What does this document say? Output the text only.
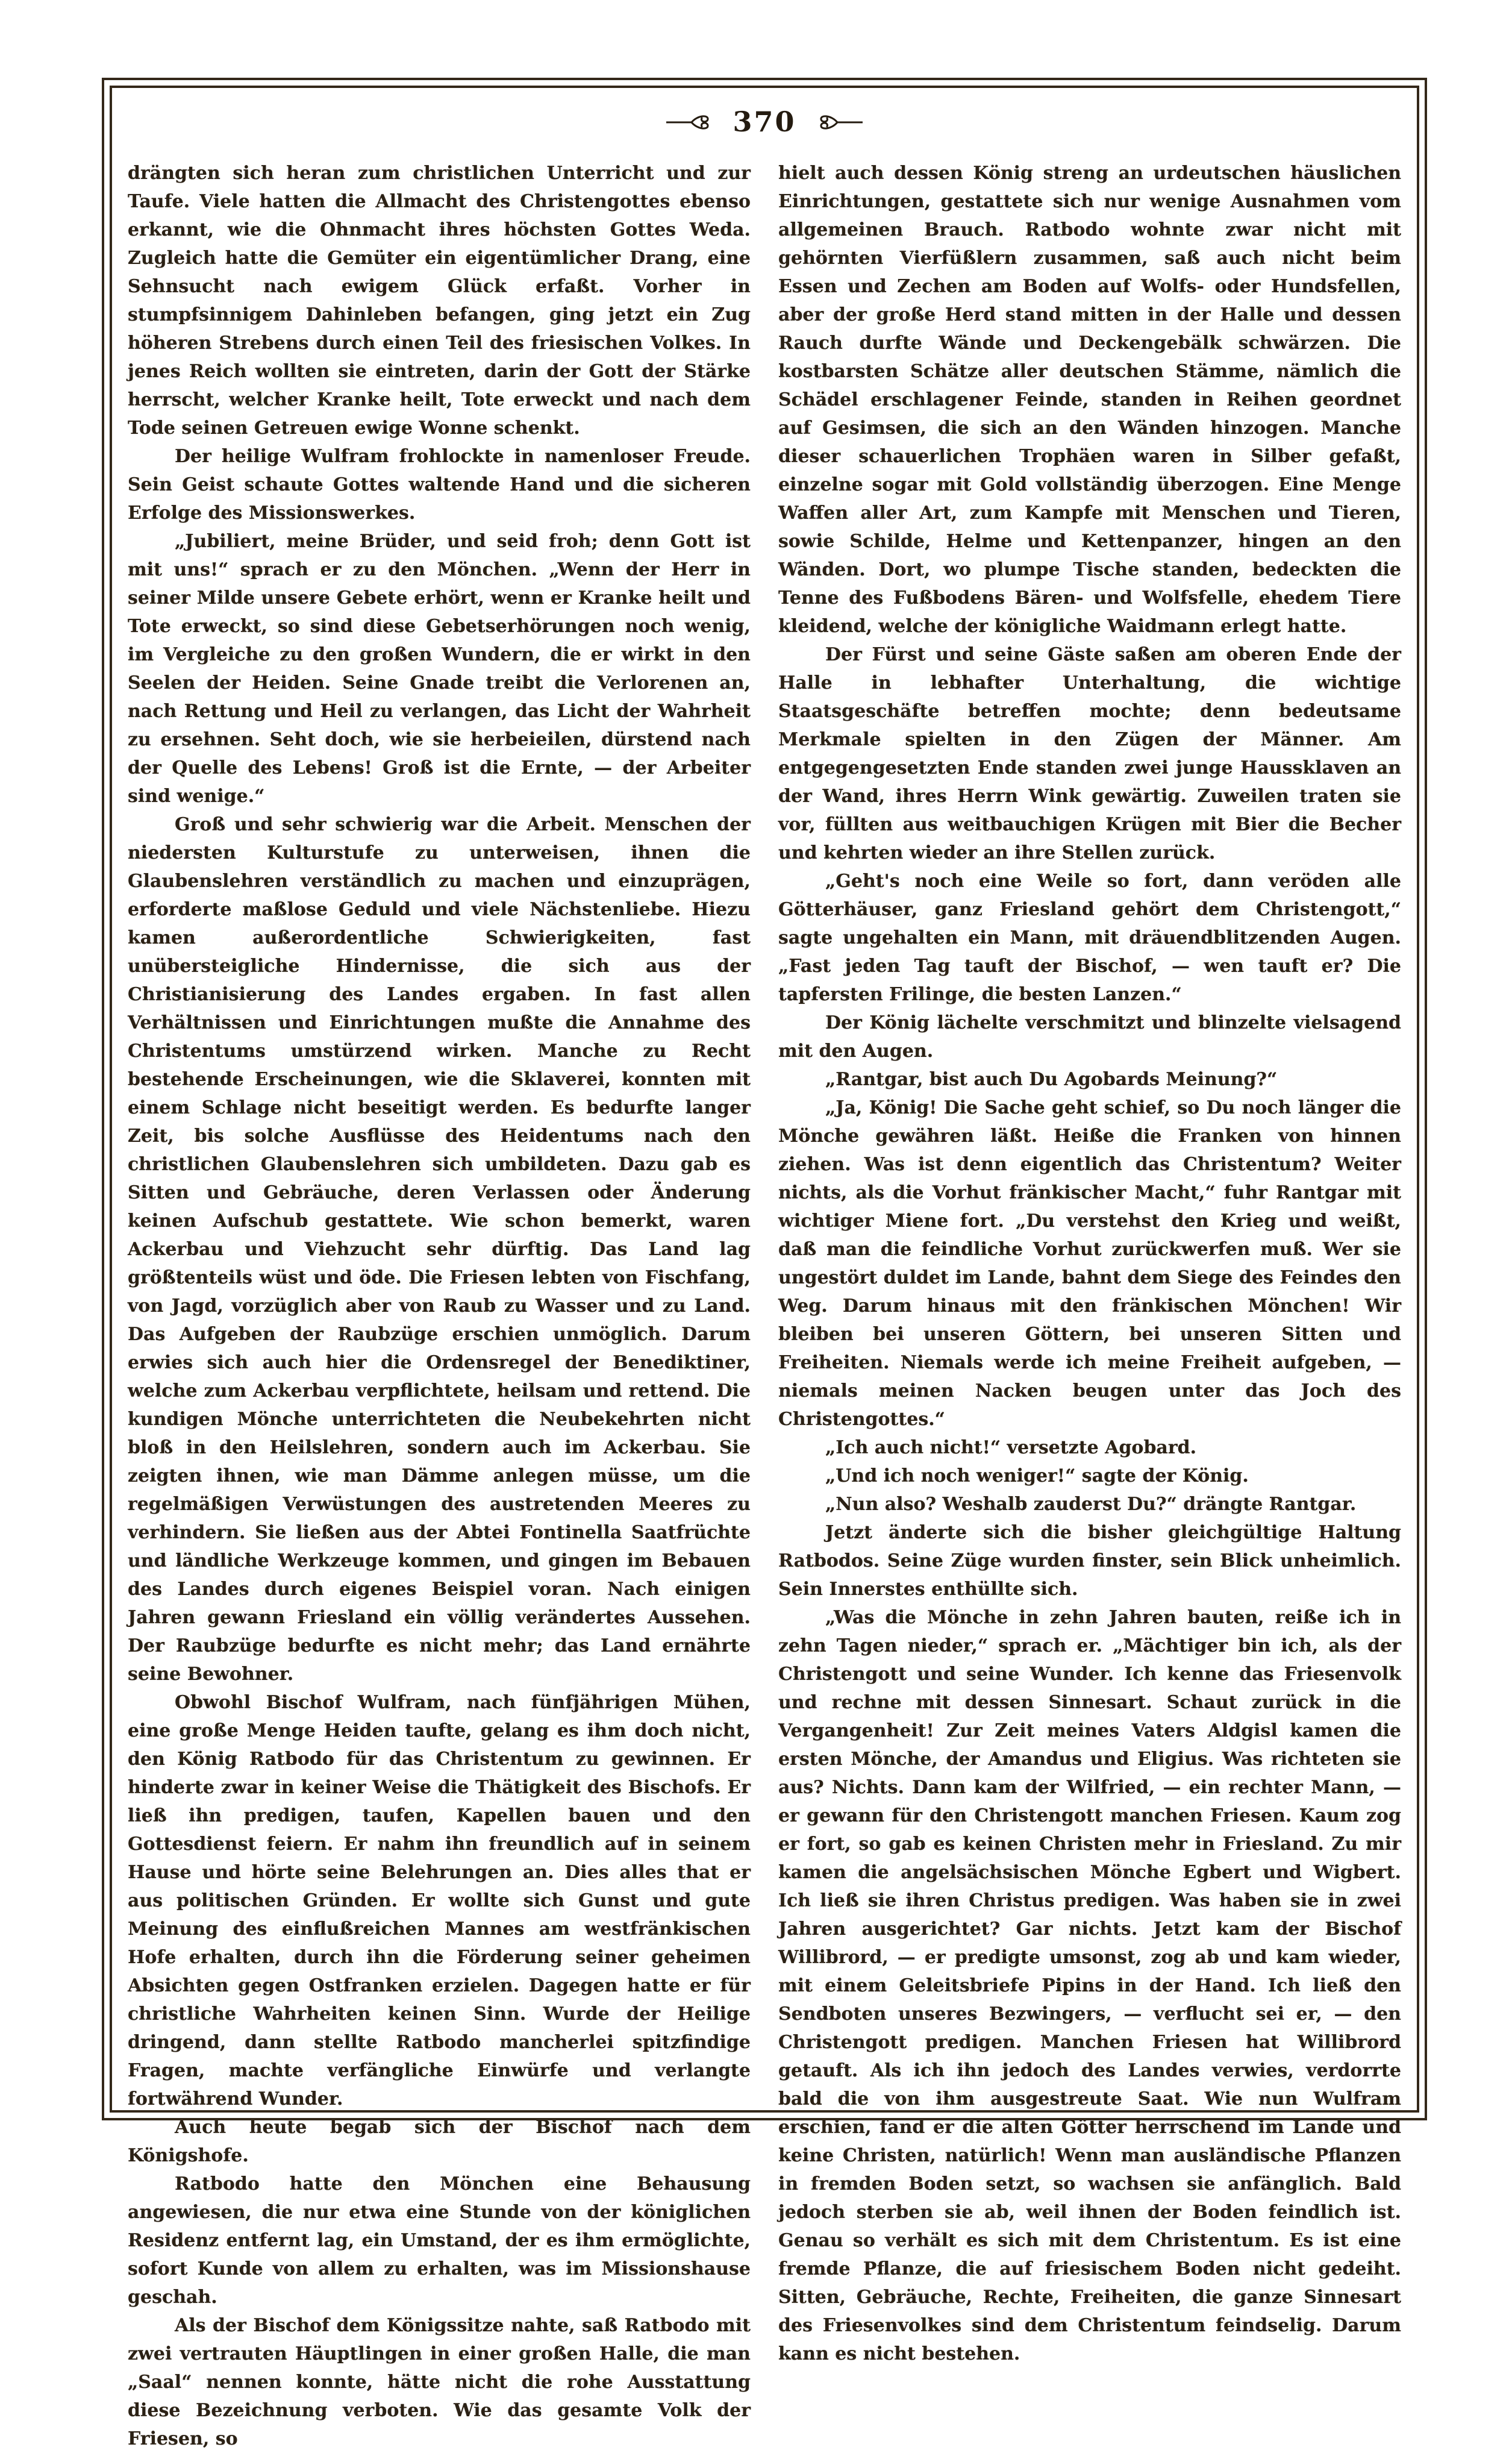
370

drängten sich heran zum christlichen Unterricht und zur Taufe. Viele hatten die Allmacht des Christengottes ebenso erkannt, wie die Ohnmacht ihres höchsten Gottes Weda. Zugleich hatte die Gemüter ein eigentümlicher Drang, eine Sehnsucht nach ewigem Glück erfaßt. Vorher in stumpfsinnigem Dahinleben befangen, ging jetzt ein Zug höheren Strebens durch einen Teil des friesischen Volkes. In jenes Reich wollten sie eintreten, darin der Gott der Stärke herrscht, welcher Kranke heilt, Tote erweckt und nach dem Tode seinen Getreuen ewige Wonne schenkt.

Der heilige Wulfram frohlockte in namenloser Freude. Sein Geist schaute Gottes waltende Hand und die sicheren Erfolge des Missionswerkes.

„Jubiliert, meine Brüder, und seid froh; denn Gott ist mit uns!“ sprach er zu den Mönchen. „Wenn der Herr in seiner Milde unsere Gebete erhört, wenn er Kranke heilt und Tote erweckt, so sind diese Gebetserhörungen noch wenig, im Vergleiche zu den großen Wundern, die er wirkt in den Seelen der Heiden. Seine Gnade treibt die Verlorenen an, nach Rettung und Heil zu verlangen, das Licht der Wahrheit zu ersehnen. Seht doch, wie sie herbeieilen, dürstend nach der Quelle des Lebens! Groß ist die Ernte, — der Arbeiter sind wenige.“

Groß und sehr schwierig war die Arbeit. Menschen der niedersten Kulturstufe zu unterweisen, ihnen die Glaubenslehren verständlich zu machen und einzuprägen, erforderte maßlose Geduld und viele Nächstenliebe. Hiezu kamen außerordentliche Schwierigkeiten, fast unübersteigliche Hindernisse, die sich aus der Christianisierung des Landes ergaben. In fast allen Verhältnissen und Einrichtungen mußte die Annahme des Christentums umstürzend wirken. Manche zu Recht bestehende Erscheinungen, wie die Sklaverei, konnten mit einem Schlage nicht beseitigt werden. Es bedurfte langer Zeit, bis solche Ausflüsse des Heidentums nach den christlichen Glaubenslehren sich umbildeten. Dazu gab es Sitten und Gebräuche, deren Verlassen oder Änderung keinen Aufschub gestattete. Wie schon bemerkt, waren Ackerbau und Viehzucht sehr dürftig. Das Land lag größtenteils wüst und öde. Die Friesen lebten von Fischfang, von Jagd, vorzüglich aber von Raub zu Wasser und zu Land. Das Aufgeben der Raubzüge erschien unmöglich. Darum erwies sich auch hier die Ordensregel der Benediktiner, welche zum Ackerbau verpflichtete, heilsam und rettend. Die kundigen Mönche unterrichteten die Neubekehrten nicht bloß in den Heilslehren, sondern auch im Ackerbau. Sie zeigten ihnen, wie man Dämme anlegen müsse, um die regelmäßigen Verwüstungen des austretenden Meeres zu verhindern. Sie ließen aus der Abtei Fontinella Saatfrüchte und ländliche Werkzeuge kommen, und gingen im Bebauen des Landes durch eigenes Beispiel voran. Nach einigen Jahren gewann Friesland ein völlig verändertes Aussehen. Der Raubzüge bedurfte es nicht mehr; das Land ernährte seine Bewohner.

Obwohl Bischof Wulfram, nach fünfjährigen Mühen, eine große Menge Heiden taufte, gelang es ihm doch nicht, den König Ratbodo für das Christentum zu gewinnen. Er hinderte zwar in keiner Weise die Thätigkeit des Bischofs. Er ließ ihn predigen, taufen, Kapellen bauen und den Gottesdienst feiern. Er nahm ihn freundlich auf in seinem Hause und hörte seine Belehrungen an. Dies alles that er aus politischen Gründen. Er wollte sich Gunst und gute Meinung des einflußreichen Mannes am westfränkischen Hofe erhalten, durch ihn die Förderung seiner geheimen Absichten gegen Ostfranken erzielen. Dagegen hatte er für christliche Wahrheiten keinen Sinn. Wurde der Heilige dringend, dann stellte Ratbodo mancherlei spitzfindige Fragen, machte verfängliche Einwürfe und verlangte fortwährend Wunder.

Auch heute begab sich der Bischof nach dem Königshofe.

Ratbodo hatte den Mönchen eine Behausung angewiesen, die nur etwa eine Stunde von der königlichen Residenz entfernt lag, ein Umstand, der es ihm ermöglichte, sofort Kunde von allem zu erhalten, was im Missionshause geschah.

Als der Bischof dem Königssitze nahte, saß Ratbodo mit zwei vertrauten Häuptlingen in einer großen Halle, die man „Saal“ nennen konnte, hätte nicht die rohe Ausstattung diese Bezeichnung verboten. Wie das gesamte Volk der Friesen, so

hielt auch dessen König streng an urdeutschen häuslichen Einrichtungen, gestattete sich nur wenige Ausnahmen vom allgemeinen Brauch. Ratbodo wohnte zwar nicht mit gehörnten Vierfüßlern zusammen, saß auch nicht beim Essen und Zechen am Boden auf Wolfs- oder Hundsfellen, aber der große Herd stand mitten in der Halle und dessen Rauch durfte Wände und Deckengebälk schwärzen. Die kostbarsten Schätze aller deutschen Stämme, nämlich die Schädel erschlagener Feinde, standen in Reihen geordnet auf Gesimsen, die sich an den Wänden hinzogen. Manche dieser schauerlichen Trophäen waren in Silber gefaßt, einzelne sogar mit Gold vollständig überzogen. Eine Menge Waffen aller Art, zum Kampfe mit Menschen und Tieren, sowie Schilde, Helme und Kettenpanzer, hingen an den Wänden. Dort, wo plumpe Tische standen, bedeckten die Tenne des Fußbodens Bären- und Wolfsfelle, ehedem Tiere kleidend, welche der königliche Waidmann erlegt hatte.

Der Fürst und seine Gäste saßen am oberen Ende der Halle in lebhafter Unterhaltung, die wichtige Staatsgeschäfte betreffen mochte; denn bedeutsame Merkmale spielten in den Zügen der Männer. Am entgegengesetzten Ende standen zwei junge Haussklaven an der Wand, ihres Herrn Wink gewärtig. Zuweilen traten sie vor, füllten aus weitbauchigen Krügen mit Bier die Becher und kehrten wieder an ihre Stellen zurück.

„Geht's noch eine Weile so fort, dann veröden alle Götterhäuser, ganz Friesland gehört dem Christengott,“ sagte ungehalten ein Mann, mit dräuendblitzenden Augen. „Fast jeden Tag tauft der Bischof, — wen tauft er? Die tapfersten Frilinge, die besten Lanzen.“

Der König lächelte verschmitzt und blinzelte vielsagend mit den Augen.

„Rantgar, bist auch Du Agobards Meinung?“

„Ja, König! Die Sache geht schief, so Du noch länger die Mönche gewähren läßt. Heiße die Franken von hinnen ziehen. Was ist denn eigentlich das Christentum? Weiter nichts, als die Vorhut fränkischer Macht,“ fuhr Rantgar mit wichtiger Miene fort. „Du verstehst den Krieg und weißt, daß man die feindliche Vorhut zurückwerfen muß. Wer sie ungestört duldet im Lande, bahnt dem Siege des Feindes den Weg. Darum hinaus mit den fränkischen Mönchen! Wir bleiben bei unseren Göttern, bei unseren Sitten und Freiheiten. Niemals werde ich meine Freiheit aufgeben, — niemals meinen Nacken beugen unter das Joch des Christengottes.“

„Ich auch nicht!“ versetzte Agobard.

„Und ich noch weniger!“ sagte der König.

„Nun also? Weshalb zauderst Du?“ drängte Rantgar.

Jetzt änderte sich die bisher gleichgültige Haltung Ratbodos. Seine Züge wurden finster, sein Blick unheimlich. Sein Innerstes enthüllte sich.

„Was die Mönche in zehn Jahren bauten, reiße ich in zehn Tagen nieder,“ sprach er. „Mächtiger bin ich, als der Christengott und seine Wunder. Ich kenne das Friesenvolk und rechne mit dessen Sinnesart. Schaut zurück in die Vergangenheit! Zur Zeit meines Vaters Aldgisl kamen die ersten Mönche, der Amandus und Eligius. Was richteten sie aus? Nichts. Dann kam der Wilfried, — ein rechter Mann, — er gewann für den Christengott manchen Friesen. Kaum zog er fort, so gab es keinen Christen mehr in Friesland. Zu mir kamen die angelsächsischen Mönche Egbert und Wigbert. Ich ließ sie ihren Christus predigen. Was haben sie in zwei Jahren ausgerichtet? Gar nichts. Jetzt kam der Bischof Willibrord, — er predigte umsonst, zog ab und kam wieder, mit einem Geleitsbriefe Pipins in der Hand. Ich ließ den Sendboten unseres Bezwingers, — verflucht sei er, — den Christengott predigen. Manchen Friesen hat Willibrord getauft. Als ich ihn jedoch des Landes verwies, verdorrte bald die von ihm ausgestreute Saat. Wie nun Wulfram erschien, fand er die alten Götter herrschend im Lande und keine Christen, natürlich! Wenn man ausländische Pflanzen in fremden Boden setzt, so wachsen sie anfänglich. Bald jedoch sterben sie ab, weil ihnen der Boden feindlich ist. Genau so verhält es sich mit dem Christentum. Es ist eine fremde Pflanze, die auf friesischem Boden nicht gedeiht. Sitten, Gebräuche, Rechte, Freiheiten, die ganze Sinnesart des Friesenvolkes sind dem Christentum feindselig. Darum kann es nicht bestehen.
